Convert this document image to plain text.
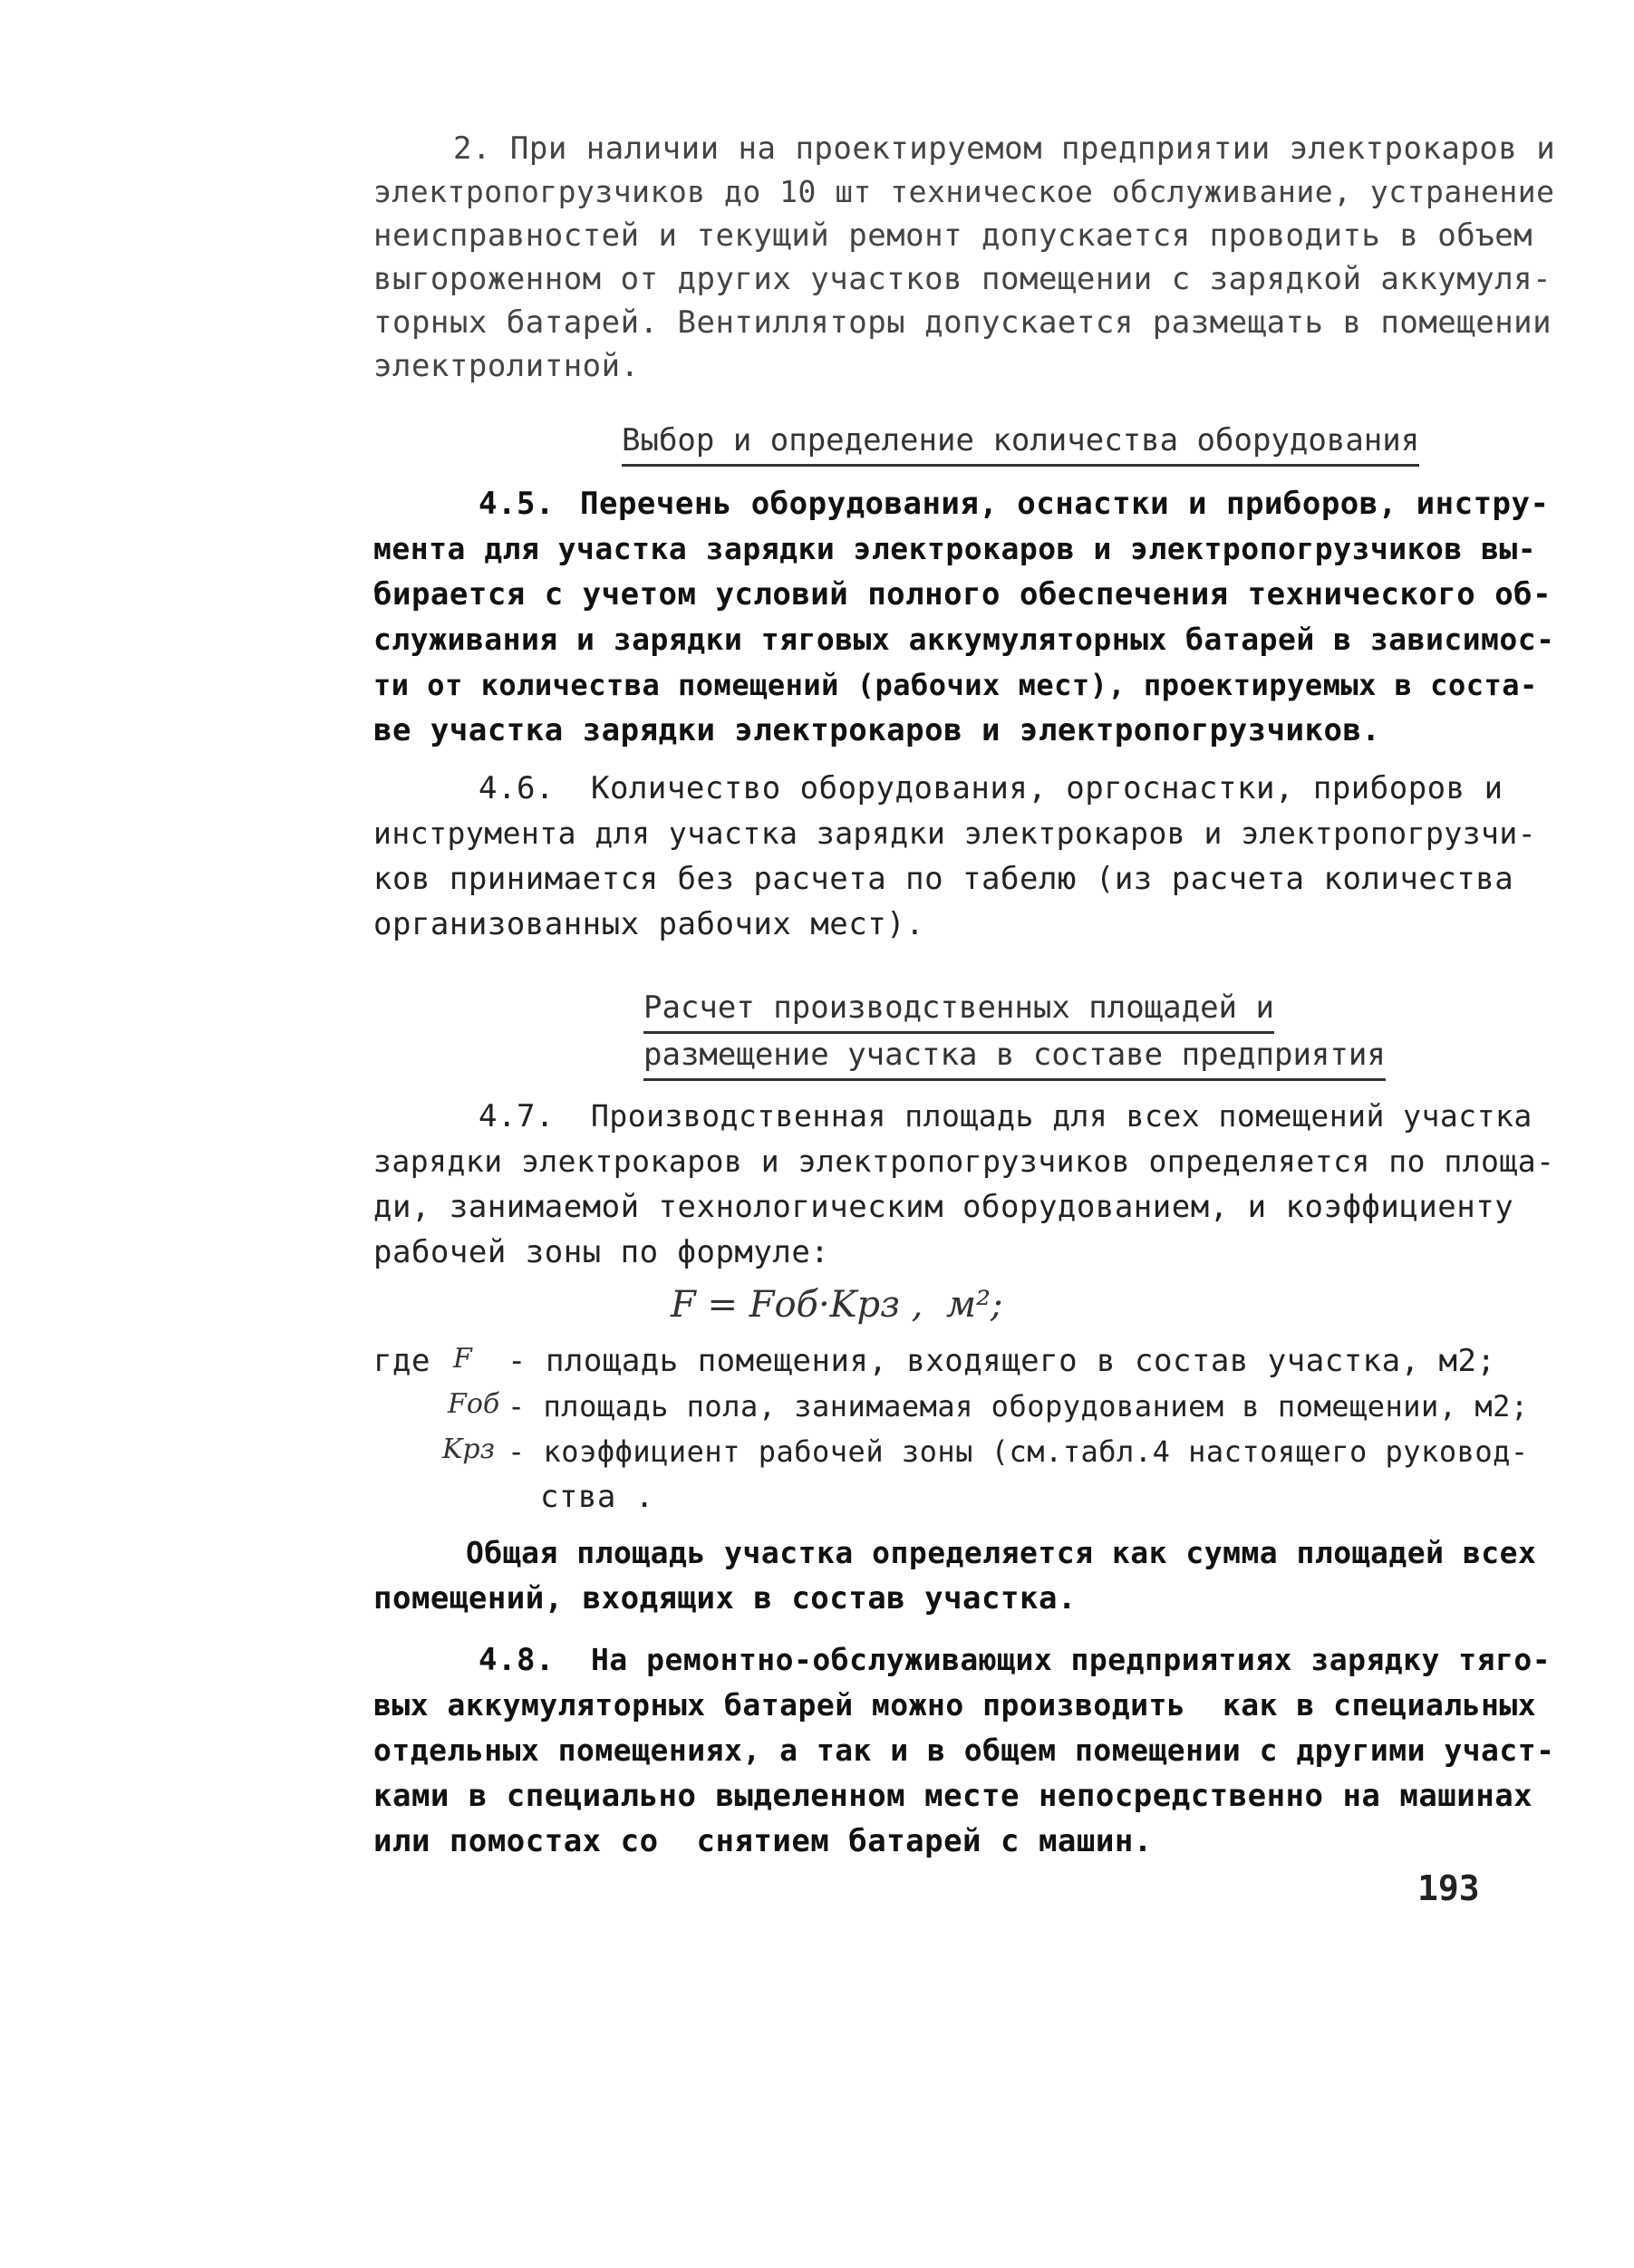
2. При наличии на проектируемом предприятии электрокаров и
электропогрузчиков до 10 шт техническое обслуживание, устранение
неисправностей и текущий ремонт допускается проводить в объем
выгороженном от других участков помещении с зарядкой аккумуля-
торных батарей. Вентилляторы допускается размещать в помещении
электролитной.
Выбор и определение количества оборудования
4.5. Перечень оборудования, оснастки и приборов, инстру-
мента для участка зарядки электрокаров и электропогрузчиков вы-
бирается с учетом условий полного обеспечения технического об-
служивания и зарядки тяговых аккумуляторных батарей в зависимос-
ти от количества помещений (рабочих мест), проектируемых в соста-
ве участка зарядки электрокаров и электропогрузчиков.
4.6. Количество оборудования, оргоснастки, приборов и
инструмента для участка зарядки электрокаров и электропогрузчи-
ков принимается без расчета по табелю (из расчета количества
организованных рабочих мест).
Расчет производственных площадей и
размещение участка в составе предприятия
4.7. Производственная площадь для всех помещений участка
зарядки электрокаров и электропогрузчиков определяется по площа-
ди, занимаемой технологическим оборудованием, и коэффициенту
рабочей зоны по формуле:
F = Fоб·Kрз ,  м²;
где F - площадь помещения, входящего в состав участка, м2;
Fоб - площадь пола, занимаемая оборудованием в помещении, м2;
Kрз - коэффициент рабочей зоны (см.табл.4 настоящего руковод-
ства .
Общая площадь участка определяется как сумма площадей всех
помещений, входящих в состав участка.
4.8. На ремонтно-обслуживающих предприятиях зарядку тяго-
вых аккумуляторных батарей можно производить  как в специальных
отдельных помещениях, а так и в общем помещении с другими участ-
ками в специально выделенном месте непосредственно на машинах
или помостах со  снятием батарей с машин.
193
